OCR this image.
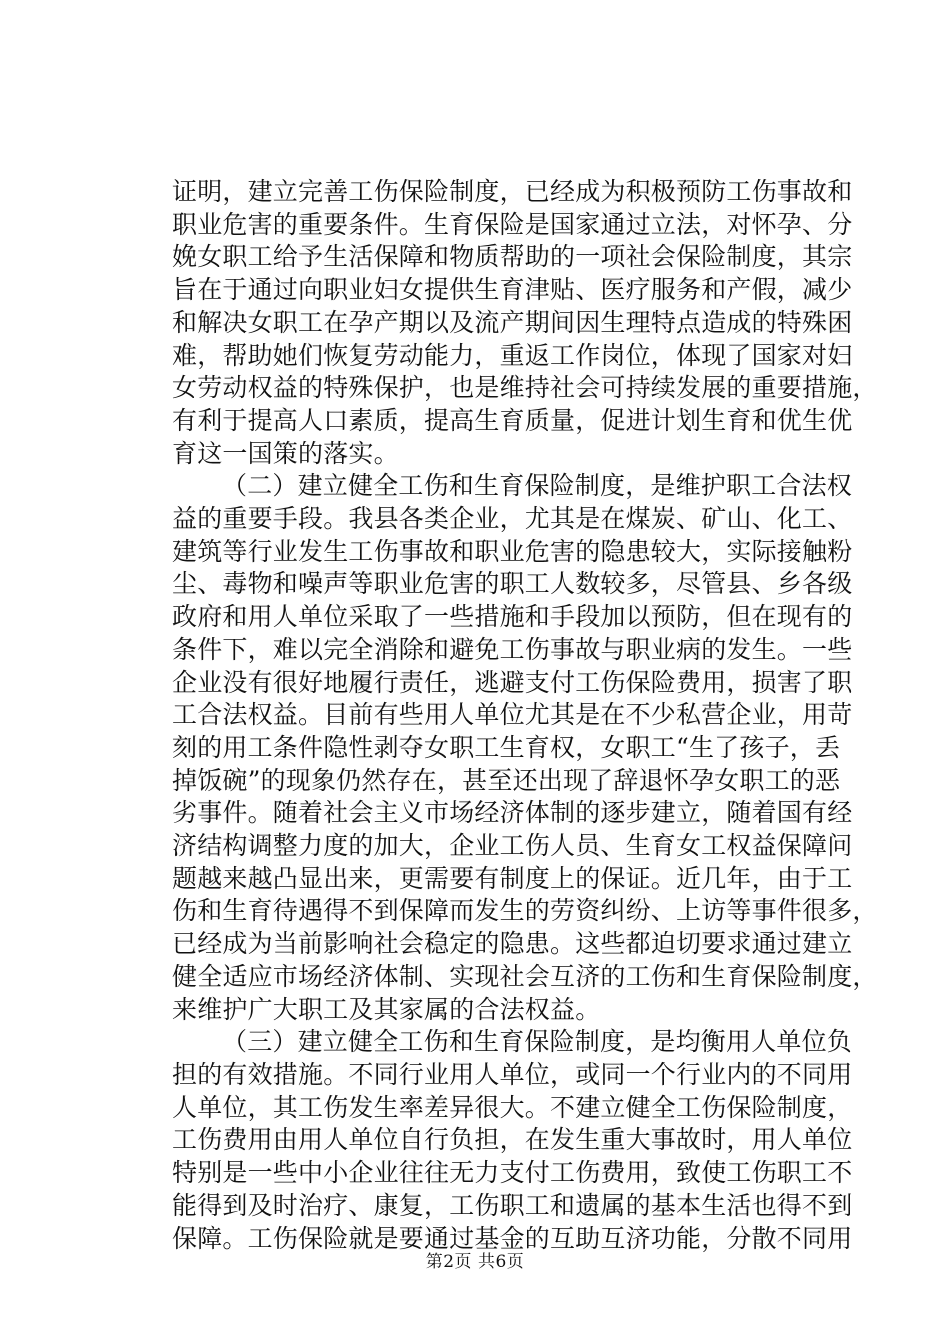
证明，建立完善工伤保险制度，已经成为积极预防工伤事故和
职业危害的重要条件。生育保险是国家通过立法，对怀孕、分
娩女职工给予生活保障和物质帮助的一项社会保险制度，其宗
旨在于通过向职业妇女提供生育津贴、医疗服务和产假，减少
和解决女职工在孕产期以及流产期间因生理特点造成的特殊困
难，帮助她们恢复劳动能力，重返工作岗位，体现了国家对妇
女劳动权益的特殊保护，也是维持社会可持续发展的重要措施，
有利于提高人口素质，提高生育质量，促进计划生育和优生优
育这一国策的落实。
（二）建立健全工伤和生育保险制度，是维护职工合法权
益的重要手段。我县各类企业，尤其是在煤炭、矿山、化工、
建筑等行业发生工伤事故和职业危害的隐患较大，实际接触粉
尘、毒物和噪声等职业危害的职工人数较多，尽管县、乡各级
政府和用人单位采取了一些措施和手段加以预防，但在现有的
条件下，难以完全消除和避免工伤事故与职业病的发生。一些
企业没有很好地履行责任，逃避支付工伤保险费用，损害了职
工合法权益。目前有些用人单位尤其是在不少私营企业，用苛
刻的用工条件隐性剥夺女职工生育权，女职工“生了孩子，丢
掉饭碗”的现象仍然存在，甚至还出现了辞退怀孕女职工的恶
劣事件。随着社会主义市场经济体制的逐步建立，随着国有经
济结构调整力度的加大，企业工伤人员、生育女工权益保障问
题越来越凸显出来，更需要有制度上的保证。近几年，由于工
伤和生育待遇得不到保障而发生的劳资纠纷、上访等事件很多，
已经成为当前影响社会稳定的隐患。这些都迫切要求通过建立
健全适应市场经济体制、实现社会互济的工伤和生育保险制度，
来维护广大职工及其家属的合法权益。
（三）建立健全工伤和生育保险制度，是均衡用人单位负
担的有效措施。不同行业用人单位，或同一个行业内的不同用
人单位，其工伤发生率差异很大。不建立健全工伤保险制度，
工伤费用由用人单位自行负担，在发生重大事故时，用人单位
特别是一些中小企业往往无力支付工伤费用，致使工伤职工不
能得到及时治疗、康复，工伤职工和遗属的基本生活也得不到
保障。工伤保险就是要通过基金的互助互济功能，分散不同用
第2页 共6页
